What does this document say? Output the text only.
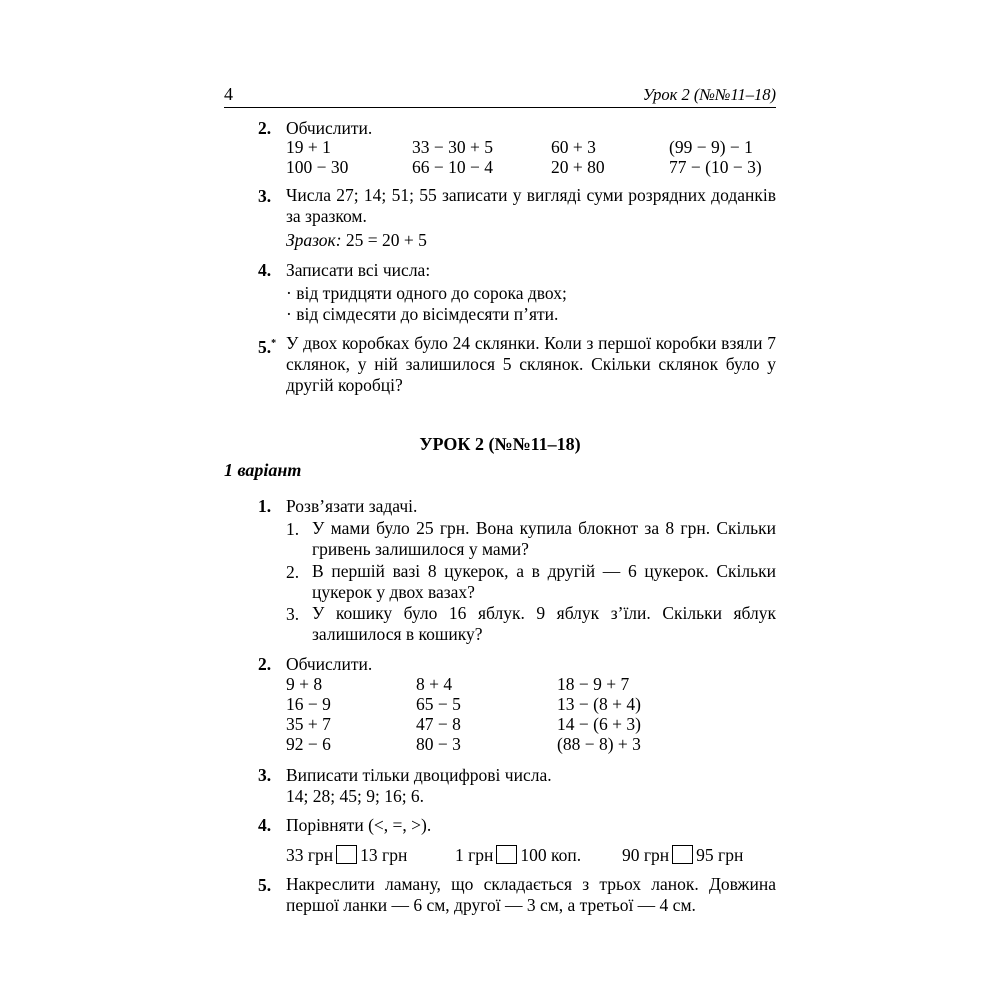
4	Урок 2 (№№11–18)
2. Обчислити.
19 + 1	33 − 30 + 5	60 + 3	(99 − 9) − 1
100 − 30	66 − 10 − 4	20 + 80	77 − (10 − 3)
3. Числа 27; 14; 51; 55 записати у вигляді суми розрядних доданків за зразком.
Зразок: 25 = 20 + 5
4. Записати всі числа:
· від тридцяти одного до сорока двох;
· від сімдесяти до вісімдесяти п’яти.
5.* У двох коробках було 24 склянки. Коли з першої коробки взяли 7 склянок, у ній залишилося 5 склянок. Скільки склянок було у другій коробці?
УРОК 2 (№№11–18)
1 варіант
1. Розв’язати задачі.
1. У мами було 25 грн. Вона купила блокнот за 8 грн. Скільки гривень залишилося у мами?
2. В першій вазі 8 цукерок, а в другій — 6 цукерок. Скільки цукерок у двох вазах?
3. У кошику було 16 яблук. 9 яблук з’їли. Скільки яблук залишилося в кошику?
2. Обчислити.
9 + 8	8 + 4	18 − 9 + 7
16 − 9	65 − 5	13 − (8 + 4)
35 + 7	47 − 8	14 − (6 + 3)
92 − 6	80 − 3	(88 − 8) + 3
3. Виписати тільки двоцифрові числа.
14; 28; 45; 9; 16; 6.
4. Порівняти (<, =, >).
33 грн 13 грн	1 грн 100 коп. 90 грн 95 грн
5. Накреслити ламану, що складається з трьох ланок. Довжина першої ланки — 6 см, другої — 3 см, а третьої — 4 см.
